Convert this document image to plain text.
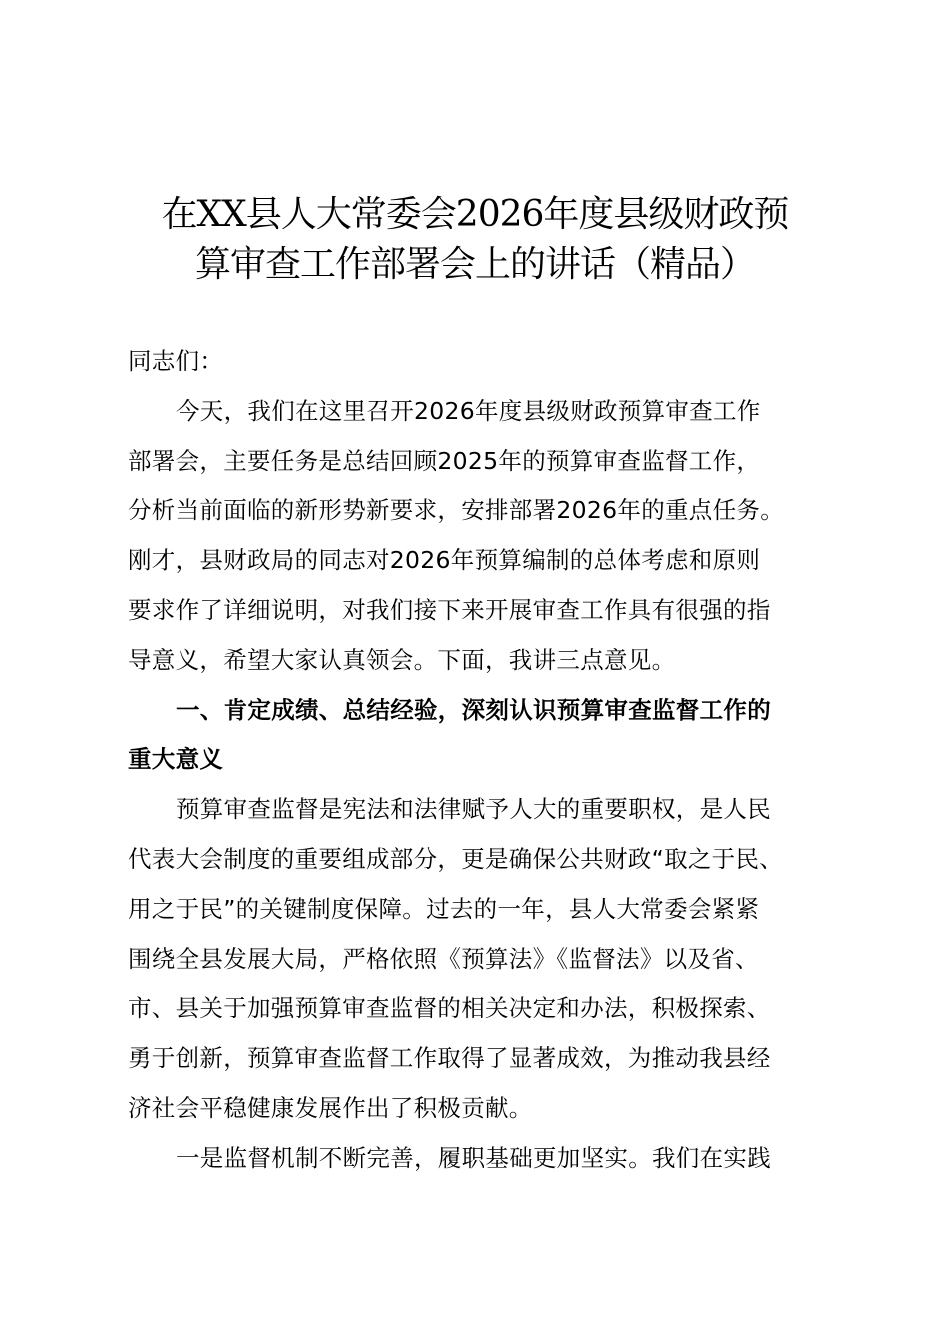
在XX县人大常委会2026年度县级财政预
算审查工作部署会上的讲话（精品）
同志们：
今天，我们在这里召开2026年度县级财政预算审查工作
部署会，主要任务是总结回顾2025年的预算审查监督工作，
分析当前面临的新形势新要求，安排部署2026年的重点任务。
刚才，县财政局的同志对2026年预算编制的总体考虑和原则
要求作了详细说明，对我们接下来开展审查工作具有很强的指
导意义，希望大家认真领会。下面，我讲三点意见。
一、肯定成绩、总结经验，深刻认识预算审查监督工作的
重大意义
预算审查监督是宪法和法律赋予人大的重要职权，是人民
代表大会制度的重要组成部分，更是确保公共财政“取之于民、
用之于民”的关键制度保障。过去的一年，县人大常委会紧紧
围绕全县发展大局，严格依照《预算法》《监督法》以及省、
市、县关于加强预算审查监督的相关决定和办法，积极探索、
勇于创新，预算审查监督工作取得了显著成效，为推动我县经
济社会平稳健康发展作出了积极贡献。
一是监督机制不断完善，履职基础更加坚实。我们在实践
